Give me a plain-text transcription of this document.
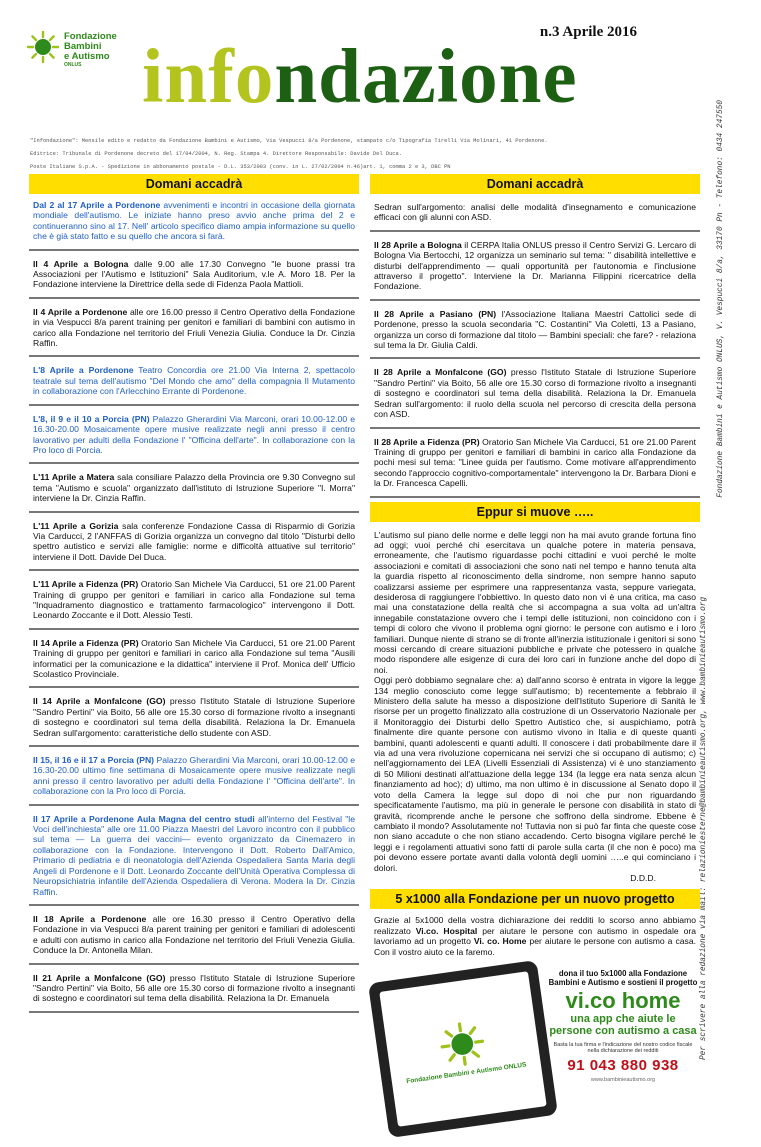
Fondazione
Bambini
e Autismo
ONLUS
n.3 Aprile 2016
infondazione

"Infondazione": Mensile edito e redatto da Fondazione Bambini e Autismo, Via Vespucci 8/a Pordenone, stampato c/o Tipografia Tirelli Via Molinari, 41 Pordenone.

Editrice: Tribunale di Pordenone decreto del 17/04/2004, N. Reg. Stampa 4. Direttore Responsabile: Davide Del Duca.

Poste Italiane S.p.A. - Spedizione in abbonamento postale - D.L. 353/2003 (conv. in L. 27/02/2004 n.46)art. 1, comma 2 e 3, DBC PN

Per scrivere alla redazione via mail: relazioniesterne@bambinieautismo.org, www.bambinieautismo.org
Fondazione Bambini e Autismo ONLUS, V. Vespucci 8/a, 33170 Pn - Telefono: 0434 247550
Domani accadrà
Dal 2 al 17 Aprile a Pordenone avvenimenti e incontri in occasione della giornata mondiale dell'autismo. Le iniziate hanno preso avvio anche prima del 2 e continueranno sino al 17. Nell' articolo specifico diamo ampia informazione su quello che è già stato fatto e su quello che ancora si farà.
Il 4 Aprile a Bologna dalle 9.00 alle 17.30 Convegno "le buone prassi tra Associazioni per l'Autismo e Istituzioni" Sala Auditorium, v.le A. Moro 18. Per la Fondazione interviene la Direttrice della sede di Fidenza Paola Mattioli.
Il 4 Aprile a Pordenone alle ore 16.00 presso il Centro Operativo della Fondazione in via Vespucci 8/a parent training per genitori e familiari di bambini con autismo in carico alla Fondazione nel territorio del Friuli Venezia Giulia. Conduce la Dr. Cinzia Raffin.
L'8 Aprile a Pordenone Teatro Concordia ore 21.00 Via Interna 2, spettacolo teatrale sul tema dell'autismo "Del Mondo che amo" della compagnia Il Mutamento in collaborazione con l'Arlecchino Errante di Pordenone.
L'8, il 9 e il 10 a Porcia (PN) Palazzo Gherardini Via Marconi, orari 10.00-12.00 e 16.30-20.00 Mosaicamente opere musive realizzate negli anni presso il centro lavorativo per adulti della Fondazione l' "Officina dell'arte". In collaborazione con la Pro loco di Porcia.
L'11 Aprile a Matera sala consiliare Palazzo della Provincia ore 9.30 Convegno sul tema "Autismo e scuola" organizzato dall'istituto di Istruzione Superiore "I. Morra" interviene la Dr. Cinzia Raffin.
L'11 Aprile a Gorizia sala conferenze Fondazione Cassa di Risparmio di Gorizia Via Carducci, 2 l'ANFFAS di Gorizia organizza un convegno dal titolo "Disturbi dello spettro autistico e servizi alle famiglie: norme e difficoltà attuative sul territorio" interviene il Dott. Davide Del Duca.
L'11 Aprile a Fidenza (PR) Oratorio San Michele Via Carducci, 51 ore 21.00 Parent Training di gruppo per genitori e familiari in carico alla Fondazione sul tema "Inquadramento diagnostico e trattamento farmacologico" intervengono il Dott. Leonardo Zoccante e il Dott. Alessio Testi.
Il 14 Aprile a Fidenza (PR) Oratorio San Michele Via Carducci, 51 ore 21.00 Parent Training di gruppo per genitori e familiari in carico alla Fondazione sul tema "Ausili informatici per la comunicazione e la didattica" interviene il Prof. Monica dell' Ufficio Scolastico Provinciale.
Il 14 Aprile a Monfalcone (GO) presso l'Istituto Statale di Istruzione Superiore "Sandro Pertini" via Boito, 56 alle ore 15.30 corso di formazione rivolto a insegnanti di sostegno e coordinatori sul tema della disabilità. Relaziona la Dr. Emanuela Sedran sull'argomento: caratteristiche dello studente con ASD.
Il 15, il 16 e il 17 a Porcia (PN) Palazzo Gherardini Via Marconi, orari 10.00-12.00 e 16.30-20.00 ultimo fine settimana di Mosaicamente opere musive realizzate negli anni presso il centro lavorativo per adulti della Fondazione l' "Officina dell'arte". In collaborazione con la Pro loco di Porcia.
Il 17 Aprile a Pordenone Aula Magna del centro studi all'interno del Festival "le Voci dell'inchiesta" alle ore 11.00 Piazza Maestri del Lavoro incontro con il pubblico sul tema — La guerra dei vaccini— evento organizzato da Cinemazero in collaborazione con la Fondazione. Intervengono il Dott. Roberto Dall'Amico, Primario di pediatria e di neonatologia dell'Azienda Ospedaliera Santa Maria degli Angeli di Pordenone e il Dott. Leonardo Zoccante dell'Unità Operativa Complessa di Neuropsichiatria infantile dell'Azienda Ospedaliera di Verona. Modera la Dr. Cinzia Raffin.
Il 18 Aprile a Pordenone alle ore 16.30 presso il Centro Operativo della Fondazione in via Vespucci 8/a parent training per genitori e familiari di adolescenti e adulti con autismo in carico alla Fondazione nel territorio del Friuli Venezia Giulia. Conduce la Dr. Antonella Milan.
Il 21 Aprile a Monfalcone (GO) presso l'Istituto Statale di Istruzione Superiore "Sandro Pertini" via Boito, 56 alle ore 15.30 corso di formazione rivolto a insegnanti di sostegno e coordinatori sul tema della disabilità. Relaziona la Dr. Emanuela
Domani accadrà
Sedran sull'argomento: analisi delle modalità d'insegnamento e comunicazione efficaci con gli alunni con ASD.
Il 28 Aprile a Bologna il CERPA Italia ONLUS presso il Centro Servizi G. Lercaro di Bologna Via Bertocchi, 12 organizza un seminario sul tema: " disabilità intellettive e disturbi dell'apprendimento — quali opportunità per l'autonomia e l'inclusione attraverso il progetto". Interviene la Dr. Marianna Filippini ricercatrice della Fondazione.
Il 28 Aprile a Pasiano (PN) l'Associazione Italiana Maestri Cattolici sede di Pordenone, presso la scuola secondaria "C. Costantini" Via Coletti, 13 a Pasiano, organizza un corso di formazione dal titolo — Bambini speciali: che fare? - relaziona sul tema la Dr. Giulia Caldi.
Il 28 Aprile a Monfalcone (GO) presso l'Istituto Statale di Istruzione Superiore "Sandro Pertini" via Boito, 56 alle ore 15.30 corso di formazione rivolto a insegnanti di sostegno e coordinatori sul tema della disabilità. Relaziona la Dr. Emanuela Sedran sull'argomento: il ruolo della scuola nel percorso di crescita della persona con ASD.
Il 28 Aprile a Fidenza (PR) Oratorio San Michele Via Carducci, 51 ore 21.00 Parent Training di gruppo per genitori e familiari di bambini in carico alla Fondazione da pochi mesi sul tema: "Linee guida per l'autismo. Come motivare all'apprendimento secondo l'approccio cognitivo-comportamentale" intervengono la Dr. Barbara Dioni e la Dr. Francesca Capelli.
Eppur si muove …..

L'autismo sul piano delle norme e delle leggi non ha mai avuto grande fortuna fino ad oggi; vuoi perché chi esercitava un qualche potere in materia pensava, erroneamente, che l'autismo riguardasse pochi cittadini e vuoi perché le molte associazioni e comitati di associazioni che sono nati nel tempo e hanno tenuta alta la guardia rispetto al riconoscimento della sindrome, non sempre hanno saputo coalizzarsi assieme per esprimere una rappresentanza vasta, seppure variegata, desiderosa di raggiungere l'obbiettivo. In questo dato non vi è una critica, ma caso mai una constatazione della realtà che si accompagna a sua volta ad un'altra innegabile constatazione ovvero che i tempi delle istituzioni, non coincidono con i tempi di coloro che vivono il problema ogni giorno: le persone con autismo e i loro familiari. Dunque niente di strano se di fronte all'inerzia istituzionale i genitori si sono mossi cercando di creare situazioni pubbliche e private che potessero in qualche modo rispondere alle esigenze di cura dei loro cari in funzione anche del dopo di noi.

Oggi però dobbiamo segnalare che: a) dall'anno scorso è entrata in vigore la legge 134 meglio conosciuto come legge sull'autismo; b) recentemente a febbraio il Ministero della salute ha messo a disposizione dell'Istituto Superiore di Sanità le risorse per un progetto finalizzato alla costruzione di un Osservatorio Nazionale per il Monitoraggio dei Disturbi dello Spettro Autistico che, si auspichiamo, potrà finalmente dire quante persone con autismo vivono in Italia e di queste quanti bambini, quanti adolescenti e quanti adulti. Il conoscere i dati probabilmente dare il via ad una vera rivoluzione copernicana nei servizi che si occupano di autismo; c) nell'aggiornamento dei LEA (Livelli Essenziali di Assistenza) vi è uno stanziamento di 50 Milioni destinati all'attuazione della legge 134 (la legge era nata senza alcun finanziamento ad hoc); d) ultimo, ma non ultimo è in discussione al Senato dopo il voto della Camera la legge sul dopo di noi che pur non riguardando specificatamente l'autismo, ma più in generale le persone con disabilità in stato di gravità, ricomprende anche le persone che soffrono della sindrome. Ebbene è cambiato il mondo? Assolutamente no! Tuttavia non si può far finta che queste cose non siano accadute o che non stiano accadendo. Certo bisogna vigilare perché le leggi e i regolamenti attuativi sono fatti di parole sulla carta (il che non è poco) ma poi devono essere portate avanti dalla volontà degli uomini …..e qui cominciano i dolori.

D.D.D.
5 x1000 alla Fondazione per un nuovo progetto
Grazie al 5x1000 della vostra dichiarazione dei redditi lo scorso anno abbiamo realizzato Vi.co. Hospital per aiutare le persone con autismo in ospedale ora lavoriamo ad un progetto Vi. co. Home per aiutare le persone con autismo a casa. Con il vostro aiuto ce la faremo.
Fondazione Bambini e Autismo ONLUS
dona il tuo 5x1000 alla Fondazione Bambini e Autismo e sostieni il progetto
vi.co home
una app che aiute le persone con autismo a casa
Basta la tua firma e l'indicazione del nostro codice fiscale nella dichiarazione dei redditi
91 043 880 938
www.bambinieautismo.org
